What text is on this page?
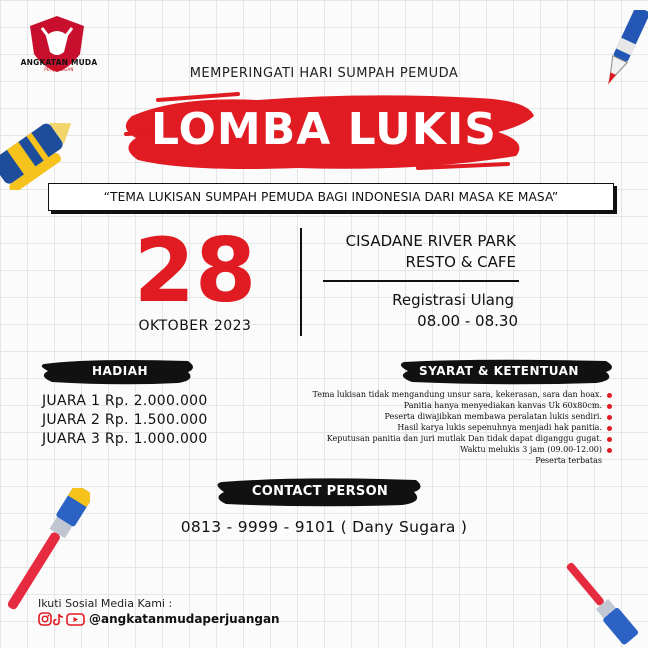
ANGKATAN MUDA
PERJUANGAN	MEMPERINGATI HARI SUMPAH PEMUDA
LOMBA LUKIS
“TEMA LUKISAN SUMPAH PEMUDA BAGI INDONESIA DARI MASA KE MASA”
28
OKTOBER 2023
CISADANE RIVER PARK
RESTO & CAFE
Registrasi Ulang
08.00 - 08.30
HADIAH
JUARA 1 Rp. 2.000.000
JUARA 2 Rp. 1.500.000
JUARA 3 Rp. 1.000.000
SYARAT & KETENTUAN
Tema lukisan tidak mengandung unsur sara, kekerasan, sara dan hoax.
Panitia hanya menyediakan kanvas Uk 60x80cm.
Peserta diwajibkan membawa peralatan lukis sendiri.
Hasil karya lukis sepenuhnya menjadi hak panitia.
Keputusan panitia dan juri mutlak Dan tidak dapat diganggu gugat.
Waktu melukis 3 jam (09.00-12.00)
Peserta terbatas
CONTACT PERSON
0813 - 9999 - 9101 ( Dany Sugara )
Ikuti Sosial Media Kami :
@angkatanmudaperjuangan
